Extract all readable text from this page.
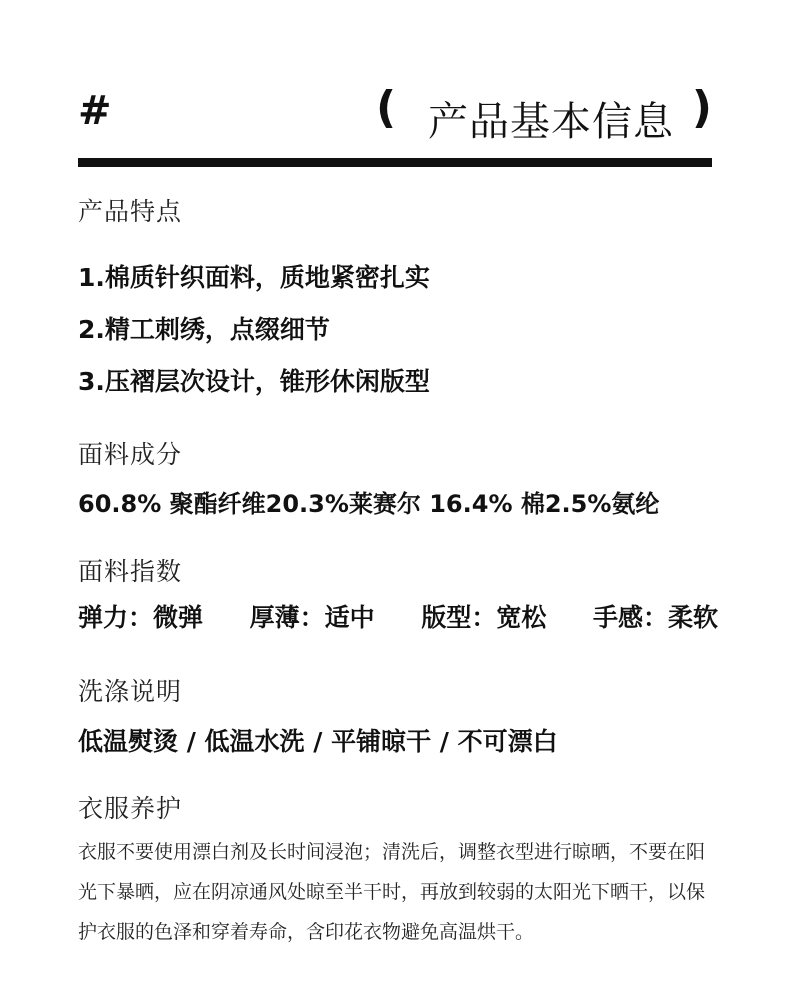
#	( 产品基本信息 )
产品特点
1.棉质针织面料，质地紧密扎实
2.精工刺绣，点缀细节
3.压褶层次设计，锥形休闲版型
面料成分
60.8% 聚酯纤维20.3%莱赛尔 16.4% 棉2.5%氨纶
面料指数
弹力：微弹 厚薄：适中 版型：宽松 手感：柔软
洗涤说明
低温熨烫 / 低温水洗 / 平铺晾干 / 不可漂白
衣服养护
衣服不要使用漂白剂及长时间浸泡；清洗后，调整衣型进行晾晒，不要在阳光下暴晒，应在阴凉通风处晾至半干时，再放到较弱的太阳光下晒干，以保护衣服的色泽和穿着寿命，含印花衣物避免高温烘干。
